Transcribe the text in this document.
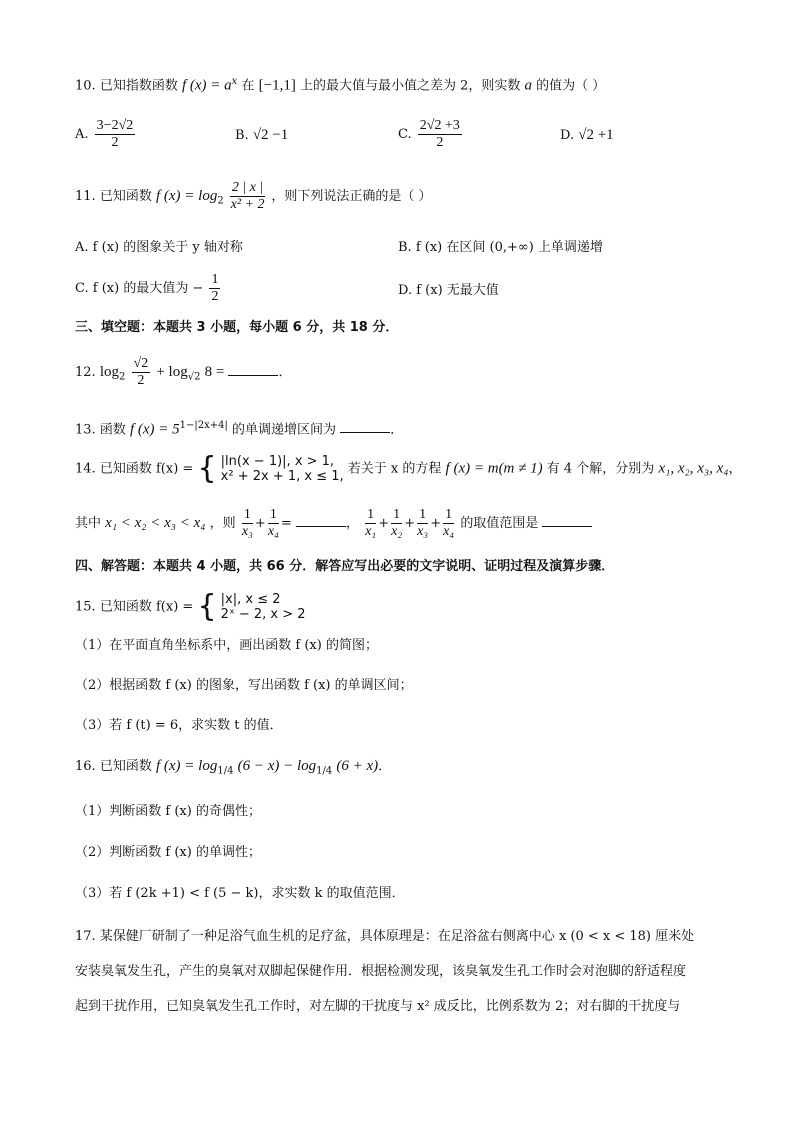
10. 已知指数函数 f $(x) = a^x$ 在 [−1,1] 上的最大值与最小值之差为 2，则实数 a 的值为（ ）
A. $\frac{3-2√2}{2}$	B. √2 −1	C. $\frac{2√2 +3}{2}$	D. √2 +1
11. 已知函数 f $(x) = \log_2 \frac{2 | x |}{\text{x² + 2}}$ ，则下列说法正确的是（ ）
A. f (x) 的图象关于 y 轴对称	B. f (x) 在区间 (0,+∞) 上单调递增
C. f (x) 的最大值为 − $\frac{1}{2}$	D. f (x) 无最大值
三、填空题：本题共 3 小题，每小题 6 分，共 18 分．
12. $\log_2 \frac{√2}{2} + \log_{√2} 8$ =	．
13. 函数 f $(x) = 5^{1-|2x+4|}$ 的单调递增区间为	．
14. 已知函数 f(x) = { |ln(x − 1)|, x > 1,
x² + 2x + 1, x ≤ 1, 若关于 x 的方程 f (x) = m(m ≠ 1) 有 4 个解，分别为 x₁, x₂, x₃, x₄，
其中 x₁ < x₂ < x₃ < x₄ ，则 $\frac{1}{\text{x₃}} + \frac{1}{\text{x₄}}$ =	， $\frac{1}{\text{x₁}} + \frac{1}{\text{x₂}} + \frac{1}{\text{x₃}} + \frac{1}{\text{x₄}}$ 的取值范围是
四、解答题：本题共 4 小题，共 66 分．解答应写出必要的文字说明、证明过程及演算步骤．
15. 已知函数 f(x) = { |x|, x ≤ 2
2ˣ − 2, x > 2
（1）在平面直角坐标系中，画出函数 f (x) 的简图；
（2）根据函数 f (x) 的图象，写出函数 f (x) 的单调区间；
（3）若 f (t) = 6，求实数 t 的值．
16. 已知函数 f $(x) = \log_{1/4} (6 - x) - \log_{1/4} (6 + x)$．
（1）判断函数 f (x) 的奇偶性；
（2）判断函数 f (x) 的单调性；
（3）若 f (2k +1) < f (5 − k)，求实数 k 的取值范围．
17. 某保健厂研制了一种足浴气血生机的足疗盆，具体原理是：在足浴盆右侧离中心 x (0 < x < 18) 厘米处
安装臭氧发生孔，产生的臭氧对双脚起保健作用．根据检测发现，该臭氧发生孔工作时会对泡脚的舒适程度
起到干扰作用，已知臭氧发生孔工作时，对左脚的干扰度与 x² 成反比，比例系数为 2；对右脚的干扰度与
